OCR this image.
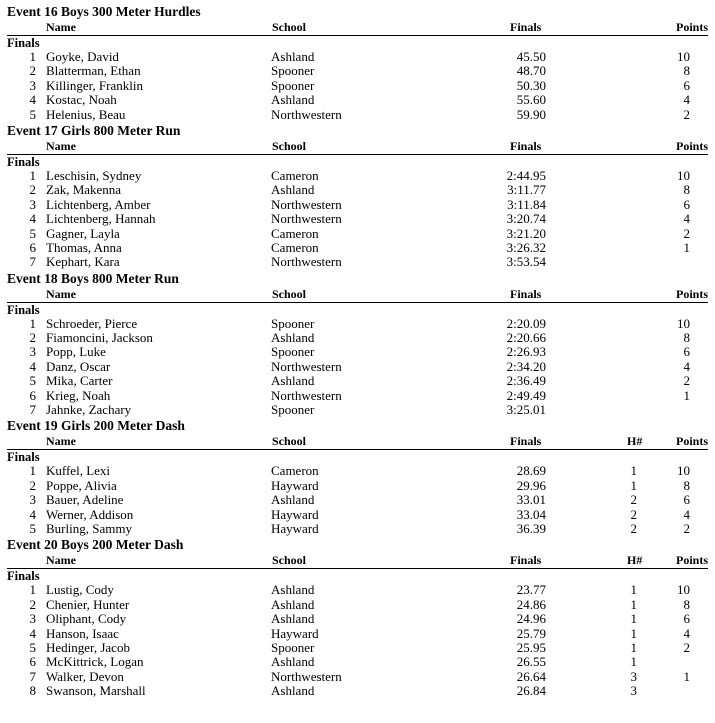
Event 16 Boys 300 Meter Hurdles
Name	School	Finals	Points
Finals
1 Goyke, David	Ashland	45.50	10
2 Blatterman, Ethan	Spooner	48.70	8
3 Killinger, Franklin	Spooner	50.30	6
4 Kostac, Noah	Ashland	55.60	4
5 Helenius, Beau	Northwestern	59.90	2
Event 17 Girls 800 Meter Run
Name	School	Finals	Points
Finals
1 Leschisin, Sydney	Cameron	2:44.95	10
2 Zak, Makenna	Ashland	3:11.77	8
3 Lichtenberg, Amber	Northwestern	3:11.84	6
4 Lichtenberg, Hannah	Northwestern	3:20.74	4
5 Gagner, Layla	Cameron	3:21.20	2
6 Thomas, Anna	Cameron	3:26.32	1
7 Kephart, Kara	Northwestern	3:53.54
Event 18 Boys 800 Meter Run
Name	School	Finals	Points
Finals
1 Schroeder, Pierce	Spooner	2:20.09	10
2 Fiamoncini, Jackson	Ashland	2:20.66	8
3 Popp, Luke	Spooner	2:26.93	6
4 Danz, Oscar	Northwestern	2:34.20	4
5 Mika, Carter	Ashland	2:36.49	2
6 Krieg, Noah	Northwestern	2:49.49	1
7 Jahnke, Zachary	Spooner	3:25.01
Event 19 Girls 200 Meter Dash
Name	School	Finals	H#	Points
Finals
1 Kuffel, Lexi	Cameron	28.69	1	10
2 Poppe, Alivia	Hayward	29.96	1	8
3 Bauer, Adeline	Ashland	33.01	2	6
4 Werner, Addison	Hayward	33.04	2	4
5 Burling, Sammy	Hayward	36.39	2	2
Event 20 Boys 200 Meter Dash
Name	School	Finals	H#	Points
Finals
1 Lustig, Cody	Ashland	23.77	1	10
2 Chenier, Hunter	Ashland	24.86	1	8
3 Oliphant, Cody	Ashland	24.96	1	6
4 Hanson, Isaac	Hayward	25.79	1	4
5 Hedinger, Jacob	Spooner	25.95	1	2
6 McKittrick, Logan	Ashland	26.55	1
7 Walker, Devon	Northwestern	26.64	3	1
8 Swanson, Marshall	Ashland	26.84	3
